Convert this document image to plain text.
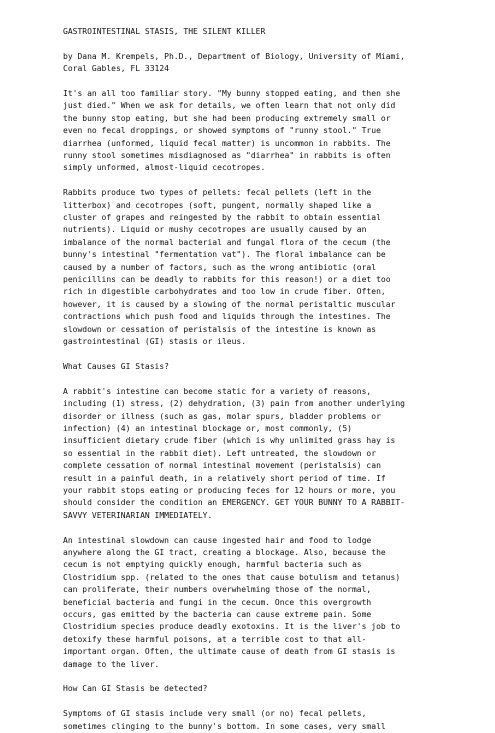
GASTROINTESTINAL STASIS, THE SILENT KILLER
by Dana M. Krempels, Ph.D., Department of Biology, University of Miami,
Coral Gables, FL 33124
It's an all too familiar story. "My bunny stopped eating, and then she
just died." When we ask for details, we often learn that not only did
the bunny stop eating, but she had been producing extremely small or
even no fecal droppings, or showed symptoms of "runny stool." True
diarrhea (unformed, liquid fecal matter) is uncommon in rabbits. The
runny stool sometimes misdiagnosed as "diarrhea" in rabbits is often
simply unformed, almost-liquid cecotropes.
Rabbits produce two types of pellets: fecal pellets (left in the
litterbox) and cecotropes (soft, pungent, normally shaped like a
cluster of grapes and reingested by the rabbit to obtain essential
nutrients). Liquid or mushy cecotropes are usually caused by an
imbalance of the normal bacterial and fungal flora of the cecum (the
bunny's intestinal "fermentation vat"). The floral imbalance can be
caused by a number of factors, such as the wrong antibiotic (oral
penicillins can be deadly to rabbits for this reason!) or a diet too
rich in digestible carbohydrates and too low in crude fiber. Often,
however, it is caused by a slowing of the normal peristaltic muscular
contractions which push food and liquids through the intestines. The
slowdown or cessation of peristalsis of the intestine is known as
gastrointestinal (GI) stasis or ileus.
What Causes GI Stasis?
A rabbit's intestine can become static for a variety of reasons,
including (1) stress, (2) dehydration, (3) pain from another underlying
disorder or illness (such as gas, molar spurs, bladder problems or
infection) (4) an intestinal blockage or, most commonly, (5)
insufficient dietary crude fiber (which is why unlimited grass hay is
so essential in the rabbit diet). Left untreated, the slowdown or
complete cessation of normal intestinal movement (peristalsis) can
result in a painful death, in a relatively short period of time. If
your rabbit stops eating or producing feces for 12 hours or more, you
should consider the condition an EMERGENCY. GET YOUR BUNNY TO A RABBIT-
SAVVY VETERINARIAN IMMEDIATELY.
An intestinal slowdown can cause ingested hair and food to lodge
anywhere along the GI tract, creating a blockage. Also, because the
cecum is not emptying quickly enough, harmful bacteria such as
Clostridium spp. (related to the ones that cause botulism and tetanus)
can proliferate, their numbers overwhelming those of the normal,
beneficial bacteria and fungi in the cecum. Once this overgrowth
occurs, gas emitted by the bacteria can cause extreme pain. Some
Clostridium species produce deadly exotoxins. It is the liver's job to
detoxify these harmful poisons, at a terrible cost to that all-
important organ. Often, the ultimate cause of death from GI stasis is
damage to the liver.
How Can GI Stasis be detected?
Symptoms of GI stasis include very small (or no) fecal pellets,
sometimes clinging to the bunny's bottom. In some cases, very small
